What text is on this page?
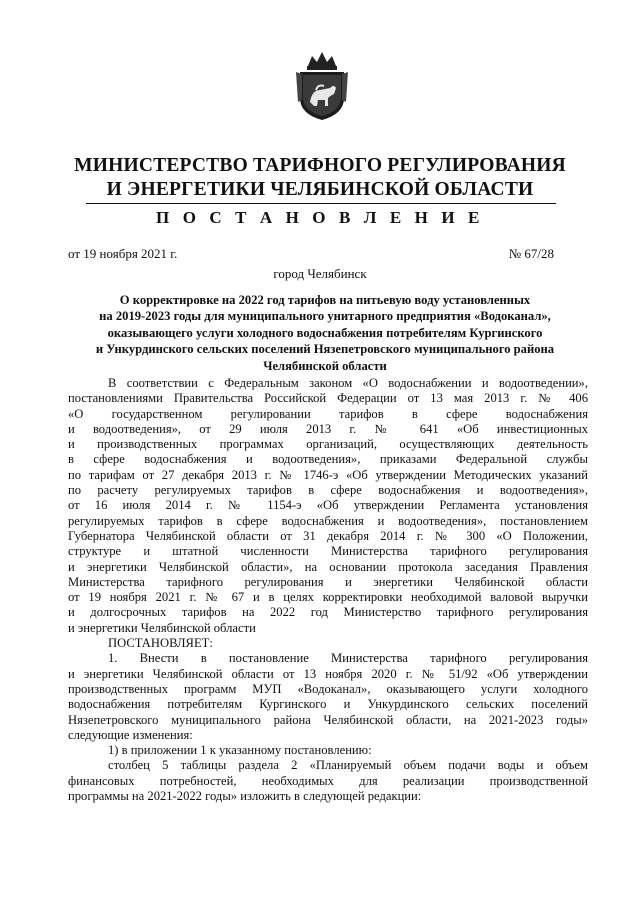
МИНИСТЕРСТВО ТАРИФНОГО РЕГУЛИРОВАНИЯ
И ЭНЕРГЕТИКИ ЧЕЛЯБИНСКОЙ ОБЛАСТИ
П О С Т А Н О В Л Е Н И Е
от 19 ноября 2021 г.	№ 67/28
город Челябинск
О корректировке на 2022 год тарифов на питьевую воду установленных
на 2019-2023 годы для муниципального унитарного предприятия «Водоканал»,
оказывающего услуги холодного водоснабжения потребителям Кургинского
и Ункурдинского сельских поселений Нязепетровского муниципального района
Челябинской области
В соответствии с Федеральным законом «О водоснабжении и водоотведении»,
постановлениями Правительства Российской Федерации от 13 мая 2013 г. № 406
«О государственном регулировании тарифов в сфере водоснабжения
и водоотведения», от 29 июля 2013 г. № 641 «Об инвестиционных
и производственных программах организаций, осуществляющих деятельность
в сфере водоснабжения и водоотведения», приказами Федеральной службы
по тарифам от 27 декабря 2013 г. № 1746-э «Об утверждении Методических указаний
по расчету регулируемых тарифов в сфере водоснабжения и водоотведения»,
от 16 июля 2014 г. № 1154-э «Об утверждении Регламента установления
регулируемых тарифов в сфере водоснабжения и водоотведения», постановлением
Губернатора Челябинской области от 31 декабря 2014 г. № 300 «О Положении,
структуре и штатной численности Министерства тарифного регулирования
и энергетики Челябинской области», на основании протокола заседания Правления
Министерства тарифного регулирования и энергетики Челябинской области
от 19 ноября 2021 г. № 67 и в целях корректировки необходимой валовой выручки
и долгосрочных тарифов на 2022 год Министерство тарифного регулирования
и энергетики Челябинской области
ПОСТАНОВЛЯЕТ:
1. Внести в постановление Министерства тарифного регулирования
и энергетики Челябинской области от 13 ноября 2020 г. № 51/92 «Об утверждении
производственных программ МУП «Водоканал», оказывающего услуги холодного
водоснабжения потребителям Кургинского и Ункурдинского сельских поселений
Нязепетровского муниципального района Челябинской области, на 2021-2023 годы»
следующие изменения:
1) в приложении 1 к указанному постановлению:
столбец 5 таблицы раздела 2 «Планируемый объем подачи воды и объем
финансовых потребностей, необходимых для реализации производственной
программы на 2021-2022 годы» изложить в следующей редакции:
